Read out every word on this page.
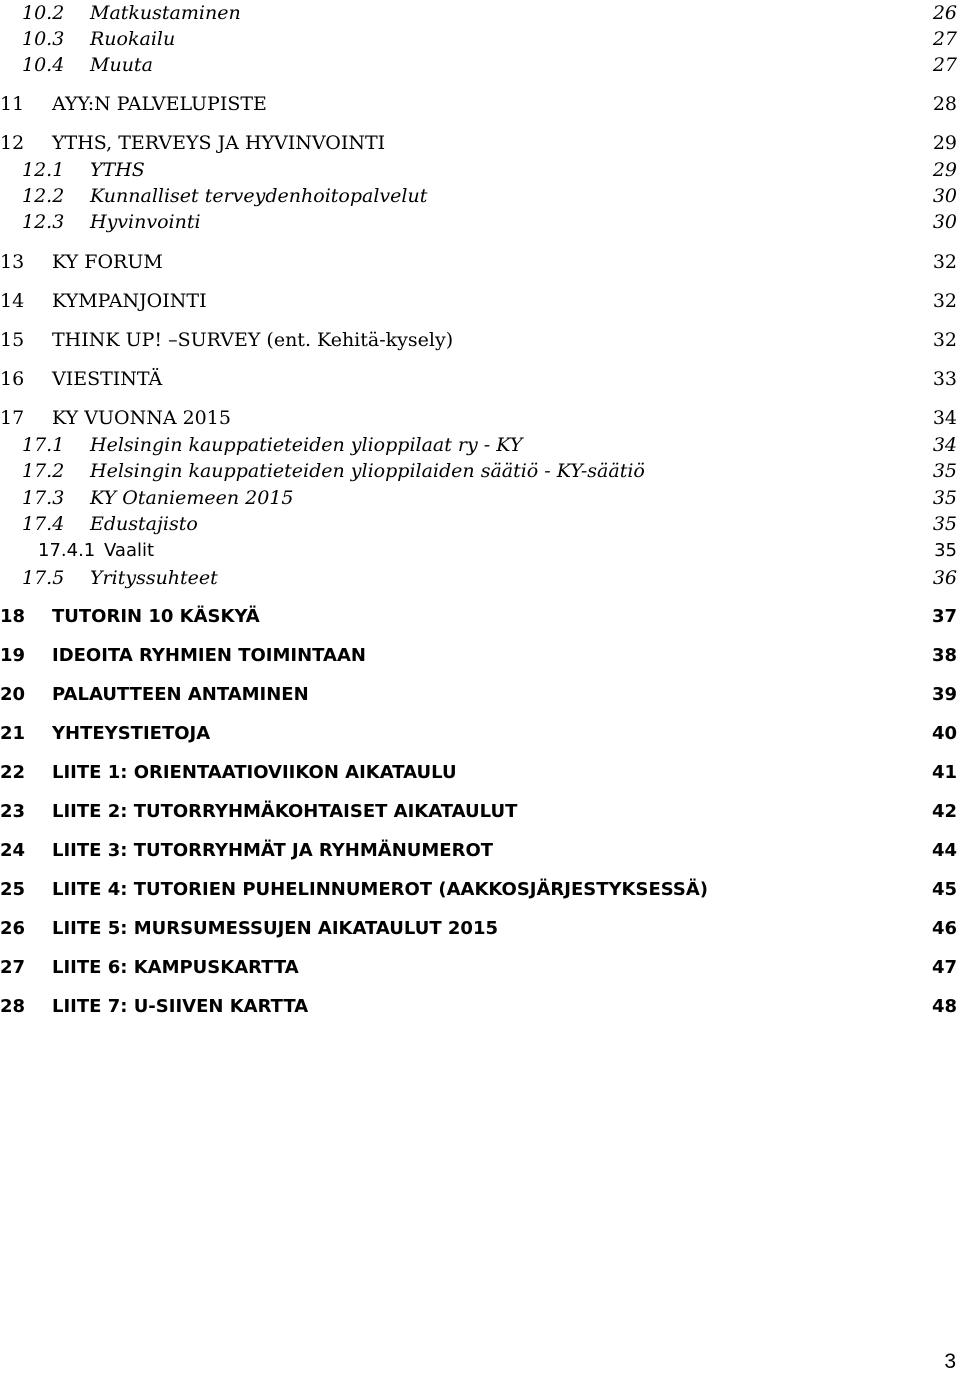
10.2 Matkustaminen	26
10.3 Ruokailu	27
10.4 Muuta	27
11 AYY:N PALVELUPISTE	28
12 YTHS, TERVEYS JA HYVINVOINTI	29
12.1 YTHS	29
12.2 Kunnalliset terveydenhoitopalvelut	30
12.3 Hyvinvointi	30
13 KY FORUM	32
14 KYMPANJOINTI	32
15 THINK UP! –SURVEY (ent. Kehitä-kysely)	32
16 VIESTINTÄ	33
17 KY VUONNA 2015	34
17.1 Helsingin kauppatieteiden ylioppilaat ry - KY	34
17.2 Helsingin kauppatieteiden ylioppilaiden säätiö - KY-säätiö	35
17.3 KY Otaniemeen 2015	35
17.4 Edustajisto	35
17.4.1 Vaalit	35
17.5 Yrityssuhteet	36
18 TUTORIN 10 KÄSKYÄ	37
19 IDEOITA RYHMIEN TOIMINTAAN	38
20 PALAUTTEEN ANTAMINEN	39
21 YHTEYSTIETOJA	40
22 LIITE 1: ORIENTAATIOVIIKON AIKATAULU	41
23 LIITE 2: TUTORRYHMÄKOHTAISET AIKATAULUT	42
24 LIITE 3: TUTORRYHMÄT JA RYHMÄNUMEROT	44
25 LIITE 4: TUTORIEN PUHELINNUMEROT (AAKKOSJÄRJESTYKSESSÄ)	45
26 LIITE 5: MURSUMESSUJEN AIKATAULUT 2015	46
27 LIITE 6: KAMPUSKARTTA	47
28 LIITE 7: U-SIIVEN KARTTA	48
3
